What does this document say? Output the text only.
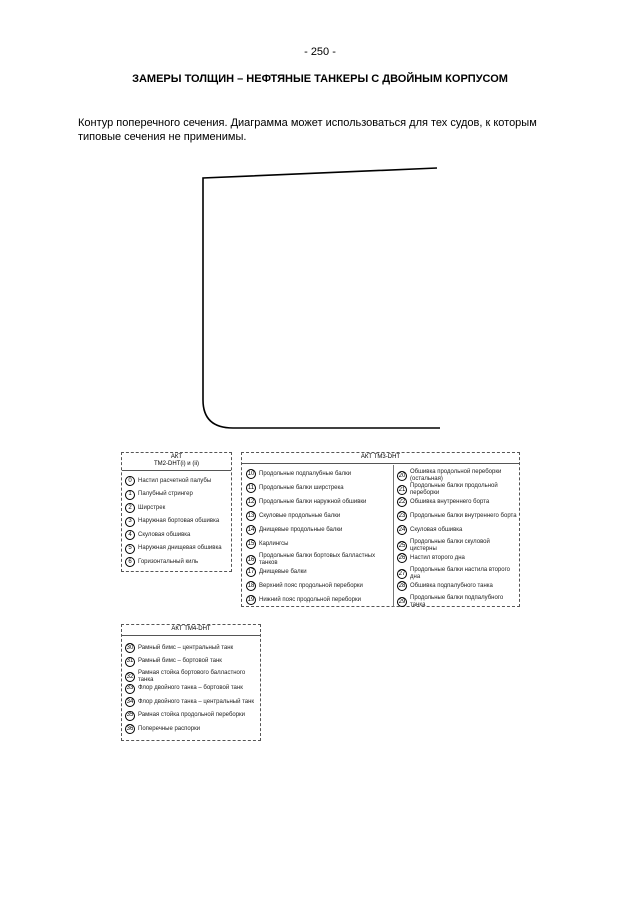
- 250 -
ЗАМЕРЫ ТОЛЩИН – НЕФТЯНЫЕ ТАНКЕРЫ С ДВОЙНЫМ КОРПУСОМ
Контур поперечного сечения. Диаграмма может использоваться для тех судов, к которым типовые сечения не применимы.
АКТ
TM2-DHT(i) и (ii)
0	Настил расчетной палубы
1	Палубный стрингер
2	Ширстрек
3	Наружная бортовая обшивка
4	Скуловая обшивка
5	Наружная днищевая обшивка
6	Горизонтальный киль
АКТ TM3-DHT
10 Продольные подпалубные балки
11 Продольные балки ширстрека
12 Продольные балки наружной обшивки
13 Скуловые продольные балки
14 Днищевые продольные балки
15 Карлингсы
16
Продольные балки бортовых балластных танков
17 Днищевые балки
18 Верхний пояс продольной переборки
19 Нижний пояс продольной переборки
20
Обшивка продольной переборки (остальная)
21
Продольные балки продольной переборки
22 Обшивка внутреннего борта
23 Продольные балки внутреннего борта
24 Скуловая обшивка
25
Продольные балки скуловой цистерны
26 Настил второго дна
27
Продольные балки настила второго дна
28 Обшивка подпалубного танка
29
Продольные балки подпалубного танка
АКТ TM4-DHT
30 Рамный бимс – центральный танк
31 Рамный бимс – бортовой танк
32
Рамная стойка бортового балластного танка
33 Флор двойного танка – бортовой танк
34 Флор двойного танка – центральный танк
35 Рамная стойка продольной переборки
36 Поперечные распорки
